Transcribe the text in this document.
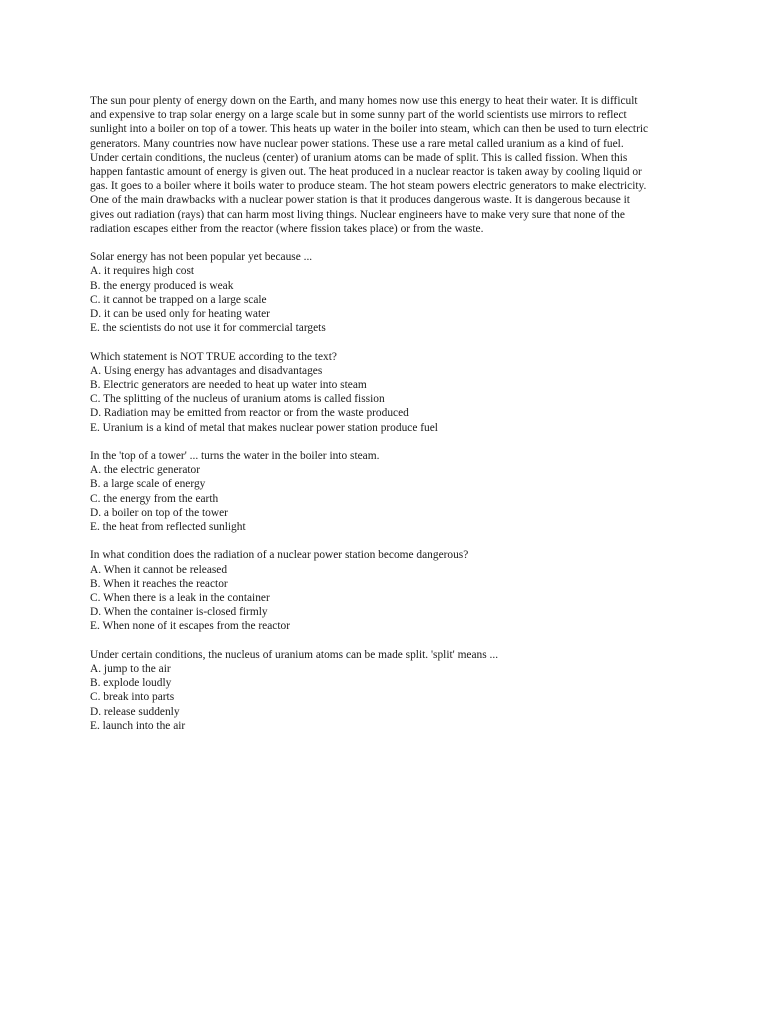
The sun pour plenty of energy down on the Earth, and many homes now use this energy to heat their water. It is difficult
and expensive to trap solar energy on a large scale but in some sunny part of the world scientists use mirrors to reflect
sunlight into a boiler on top of a tower. This heats up water in the boiler into steam, which can then be used to turn electric
generators. Many countries now have nuclear power stations. These use a rare metal called uranium as a kind of fuel.
Under certain conditions, the nucleus (center) of uranium atoms can be made of split. This is called fission. When this
happen fantastic amount of energy is given out. The heat produced in a nuclear reactor is taken away by cooling liquid or
gas. It goes to a boiler where it boils water to produce steam. The hot steam powers electric generators to make electricity.
One of the main drawbacks with a nuclear power station is that it produces dangerous waste. It is dangerous because it
gives out radiation (rays) that can harm most living things. Nuclear engineers have to make very sure that none of the
radiation escapes either from the reactor (where fission takes place) or from the waste.
Solar energy has not been popular yet because ...
A. it requires high cost
B. the energy produced is weak
C. it cannot be trapped on a large scale
D. it can be used only for heating water
E. the scientists do not use it for commercial targets
Which statement is NOT TRUE according to the text?
A. Using energy has advantages and disadvantages
B. Electric generators are needed to heat up water into steam
C. The splitting of the nucleus of uranium atoms is called fission
D. Radiation may be emitted from reactor or from the waste produced
E. Uranium is a kind of metal that makes nuclear power station produce fuel
In the 'top of a tower' ... turns the water in the boiler into steam.
A. the electric generator
B. a large scale of energy
C. the energy from the earth
D. a boiler on top of the tower
E. the heat from reflected sunlight
In what condition does the radiation of a nuclear power station become dangerous?
A. When it cannot be released
B. When it reaches the reactor
C. When there is a leak in the container
D. When the container is-closed firmly
E. When none of it escapes from the reactor
Under certain conditions, the nucleus of uranium atoms can be made split. 'split' means ...
A. jump to the air
B. explode loudly
C. break into parts
D. release suddenly
E. launch into the air
